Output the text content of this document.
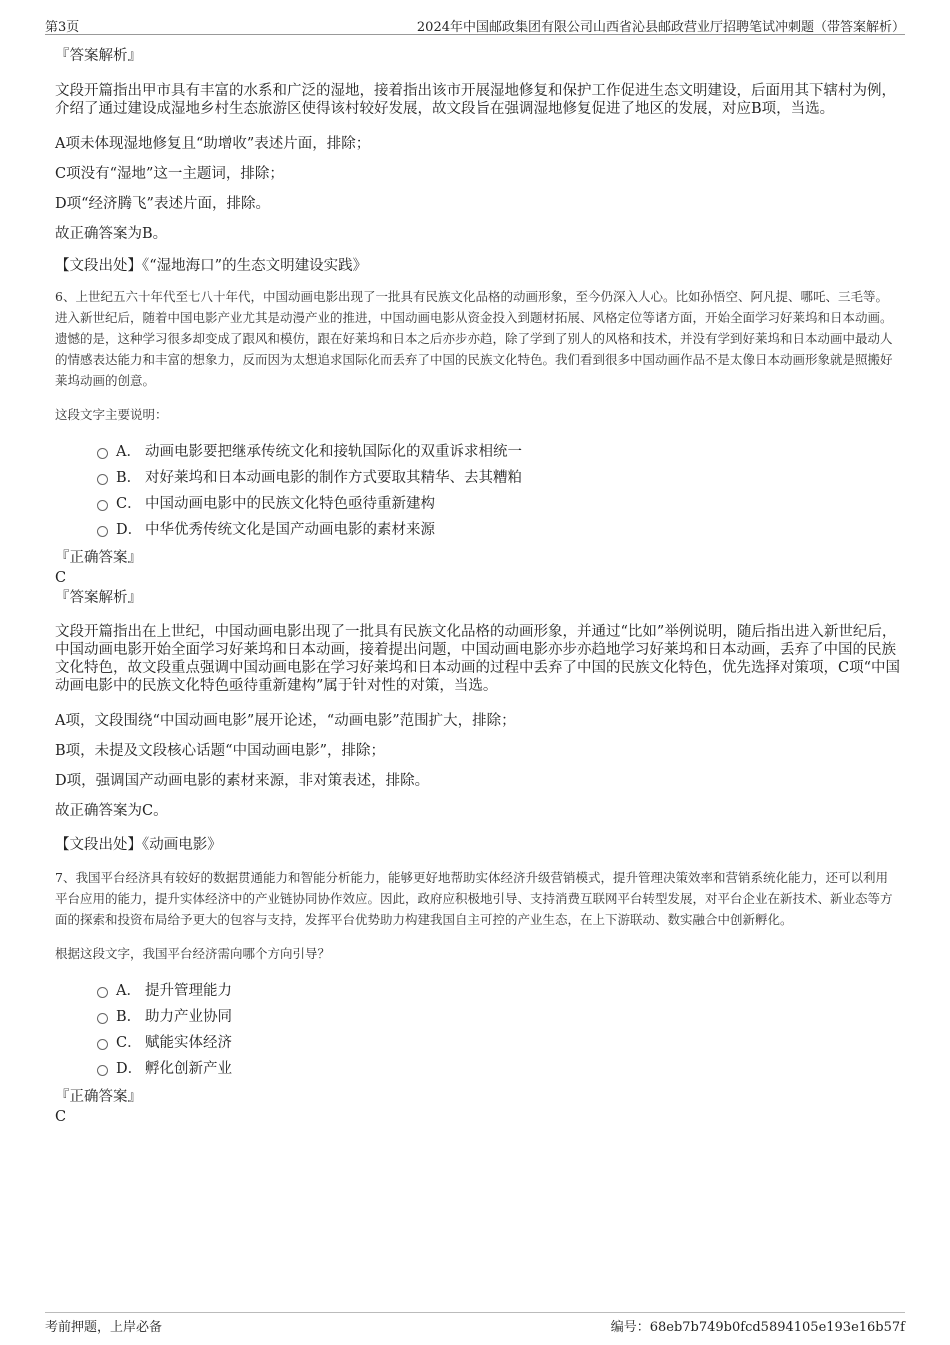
第3页	2024年中国邮政集团有限公司山西省沁县邮政营业厅招聘笔试冲刺题（带答案解析）

『答案解析』

文段开篇指出甲市具有丰富的水系和广泛的湿地，接着指出该市开展湿地修复和保护工作促进生态文明建设，后面用其下辖村为例，介绍了通过建设成湿地乡村生态旅游区使得该村较好发展，故文段旨在强调湿地修复促进了地区的发展，对应B项，当选。

A项未体现湿地修复且“助增收”表述片面，排除；

C项没有“湿地”这一主题词，排除；

D项“经济腾飞”表述片面，排除。

故正确答案为B。

【文段出处】《“湿地海口”的生态文明建设实践》

6、上世纪五六十年代至七八十年代，中国动画电影出现了一批具有民族文化品格的动画形象，至今仍深入人心。比如孙悟空、阿凡提、哪吒、三毛等。进入新世纪后，随着中国电影产业尤其是动漫产业的推进，中国动画电影从资金投入到题材拓展、风格定位等诸方面，开始全面学习好莱坞和日本动画。遗憾的是，这种学习很多却变成了跟风和模仿，跟在好莱坞和日本之后亦步亦趋，除了学到了别人的风格和技术，并没有学到好莱坞和日本动画中最动人的情感表达能力和丰富的想象力，反而因为太想追求国际化而丢弃了中国的民族文化特色。我们看到很多中国动画作品不是太像日本动画形象就是照搬好莱坞动画的创意。

这段文字主要说明：

A． 动画电影要把继承传统文化和接轨国际化的双重诉求相统一
B． 对好莱坞和日本动画电影的制作方式要取其精华、去其糟粕
C． 中国动画电影中的民族文化特色亟待重新建构
D． 中华优秀传统文化是国产动画电影的素材来源

『正确答案』

C

『答案解析』

文段开篇指出在上世纪，中国动画电影出现了一批具有民族文化品格的动画形象，并通过“比如”举例说明，随后指出进入新世纪后，中国动画电影开始全面学习好莱坞和日本动画，接着提出问题，中国动画电影亦步亦趋地学习好莱坞和日本动画，丢弃了中国的民族文化特色，故文段重点强调中国动画电影在学习好莱坞和日本动画的过程中丢弃了中国的民族文化特色，优先选择对策项，C项“中国动画电影中的民族文化特色亟待重新建构”属于针对性的对策，当选。

A项，文段围绕“中国动画电影”展开论述，“动画电影”范围扩大，排除；

B项，未提及文段核心话题“中国动画电影”，排除；

D项，强调国产动画电影的素材来源，非对策表述，排除。

故正确答案为C。

【文段出处】《动画电影》

7、我国平台经济具有较好的数据贯通能力和智能分析能力，能够更好地帮助实体经济升级营销模式，提升管理决策效率和营销系统化能力，还可以利用平台应用的能力，提升实体经济中的产业链协同协作效应。因此，政府应积极地引导、支持消费互联网平台转型发展，对平台企业在新技术、新业态等方面的探索和投资布局给予更大的包容与支持，发挥平台优势助力构建我国自主可控的产业生态，在上下游联动、数实融合中创新孵化。

根据这段文字，我国平台经济需向哪个方向引导？

A． 提升管理能力
B． 助力产业协同
C． 赋能实体经济
D． 孵化创新产业

『正确答案』

C

考前押题，上岸必备	编号：68eb7b749b0fcd5894105e193e16b57f
